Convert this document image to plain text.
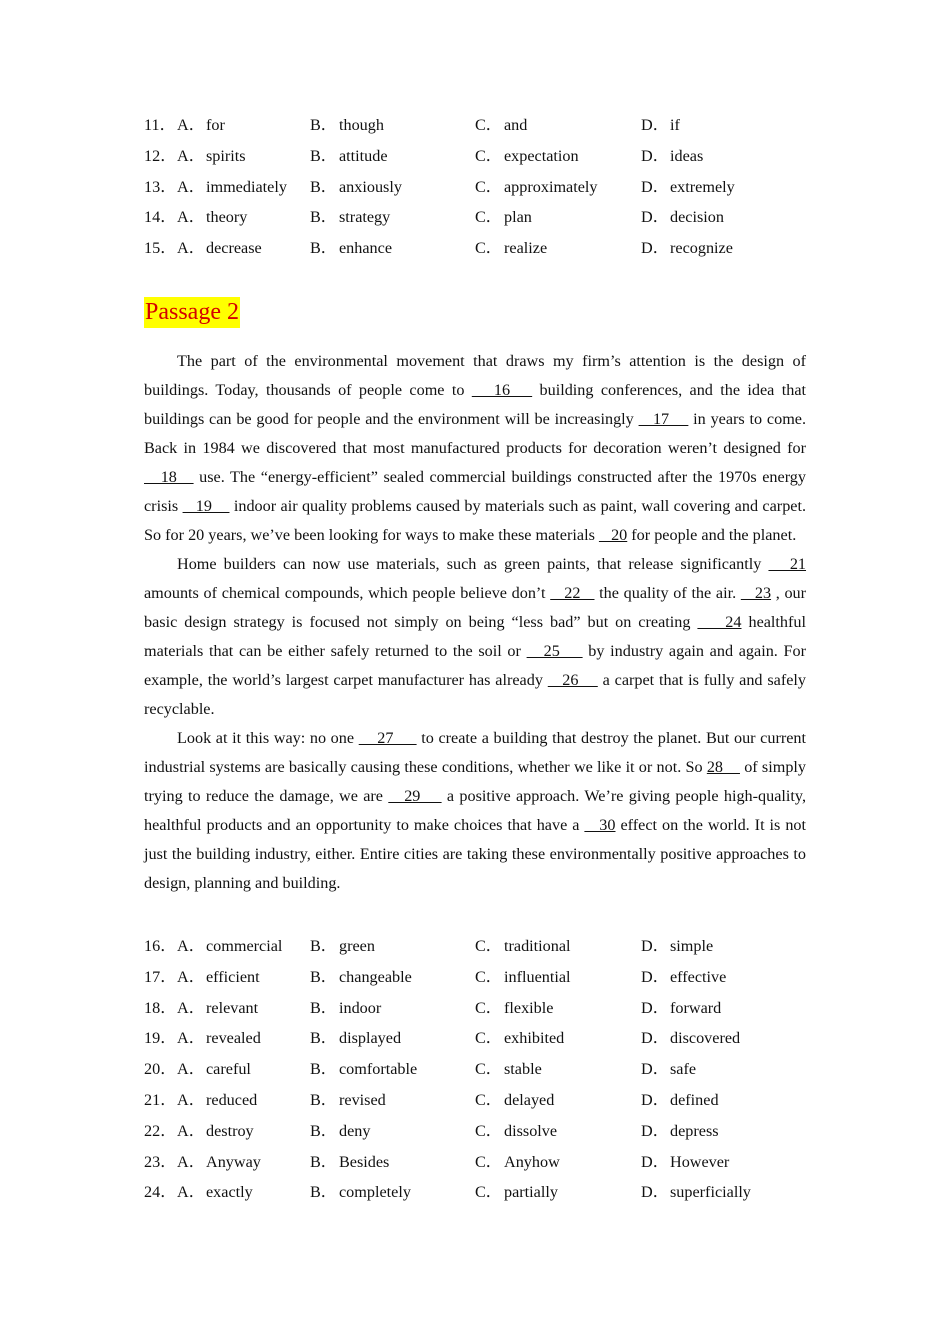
11．A．for	B． though	C． and	D．if
12．A．spirits	B． attitude	C． expectation	D．ideas
13．A．immediately B． anxiously	C． approximately	D．extremely
14．A．theory	B． strategy	C． plan	D．decision
15．A．decrease	B． enhance	C． realize	D．recognize
Passage 2

The part of the environmental movement that draws my firm’s attention is the design of buildings. Today, thousands of people come to    16    building conferences, and the idea that buildings can be good for people and the environment will be increasingly    17     in years to come. Back in 1984 we discovered that most manufactured products for decoration weren’t designed for    18    use. The “energy-efficient” sealed commercial buildings constructed after the 1970s energy crisis    19     indoor air quality problems caused by materials such as paint, wall covering and carpet. So for 20 years, we’ve been looking for ways to make these materials    20 for people and the planet.

Home builders can now use materials, such as green paints, that release significantly    21 amounts of chemical compounds, which people believe don’t    22    the quality of the air.    23 , our basic design strategy is focused not simply on being “less bad” but on creating     24 healthful materials that can be either safely returned to the soil or    25     by industry again and again. For example, the world’s largest carpet manufacturer has already    26     a carpet that is fully and safely recyclable.

Look at it this way: no one     27      to create a building that destroy the planet. But our current industrial systems are basically causing these conditions, whether we like it or not. So 28     of simply trying to reduce the damage, we are    29     a positive approach. We’re giving people high-quality, healthful products and an opportunity to make choices that have a    30 effect on the world. It is not just the building industry, either. Entire cities are taking these environmentally positive approaches to design, planning and building.

16．A．commercial B． green	C． traditional	D．simple
17．A．efficient	B． changeable	C． influential	D．effective
18．A．relevant	B． indoor	C． flexible	D．forward
19．A．revealed	B． displayed	C． exhibited	D．discovered
20．A．careful	B． comfortable	C． stable	D．safe
21．A．reduced	B． revised	C． delayed	D．defined
22．A．destroy	B． deny	C． dissolve	D．depress
23．A．Anyway	B． Besides	C． Anyhow	D．However
24．A．exactly	B． completely	C． partially	D．superficially
